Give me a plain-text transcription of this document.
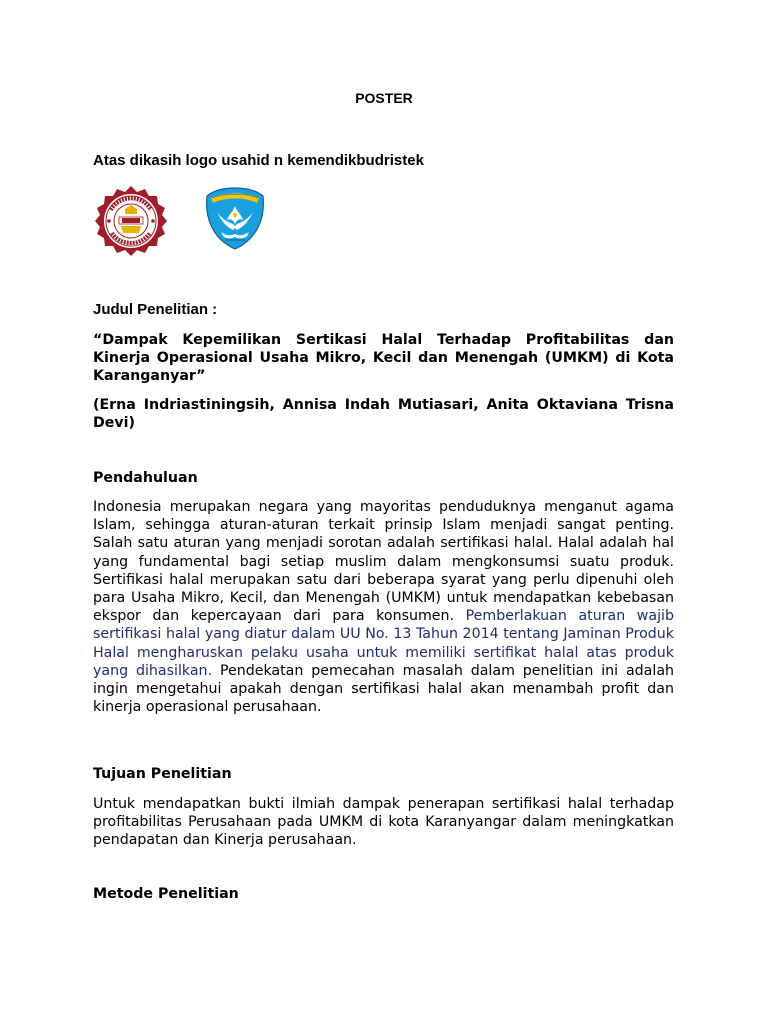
POSTER
Atas dikasih logo usahid n kemendikbudristek
Judul Penelitian :
“Dampak Kepemilikan Sertikasi Halal Terhadap Profitabilitas dan Kinerja Operasional Usaha Mikro, Kecil dan Menengah (UMKM) di Kota Karanganyar”
(Erna Indriastiningsih, Annisa Indah Mutiasari, Anita Oktaviana Trisna Devi)
Pendahuluan
Indonesia merupakan negara yang mayoritas penduduknya menganut agama Islam, sehingga aturan-aturan terkait prinsip Islam menjadi sangat penting. Salah satu aturan yang menjadi sorotan adalah sertifikasi halal. Halal adalah hal yang fundamental bagi setiap muslim dalam mengkonsumsi suatu produk. Sertifikasi halal merupakan satu dari beberapa syarat yang perlu dipenuhi oleh para Usaha Mikro, Kecil, dan Menengah (UMKM) untuk mendapatkan kebebasan ekspor dan kepercayaan dari para konsumen. Pemberlakuan aturan wajib sertifikasi halal yang diatur dalam UU No. 13 Tahun 2014 tentang Jaminan Produk Halal mengharuskan pelaku usaha untuk memiliki sertifikat halal atas produk yang dihasilkan. Pendekatan pemecahan masalah dalam penelitian ini adalah ingin mengetahui apakah dengan sertifikasi halal akan menambah profit dan kinerja operasional perusahaan.
Tujuan Penelitian
Untuk mendapatkan bukti ilmiah dampak penerapan sertifikasi halal terhadap profitabilitas Perusahaan pada UMKM di kota Karanyangar dalam meningkatkan pendapatan dan Kinerja perusahaan.
Metode Penelitian
